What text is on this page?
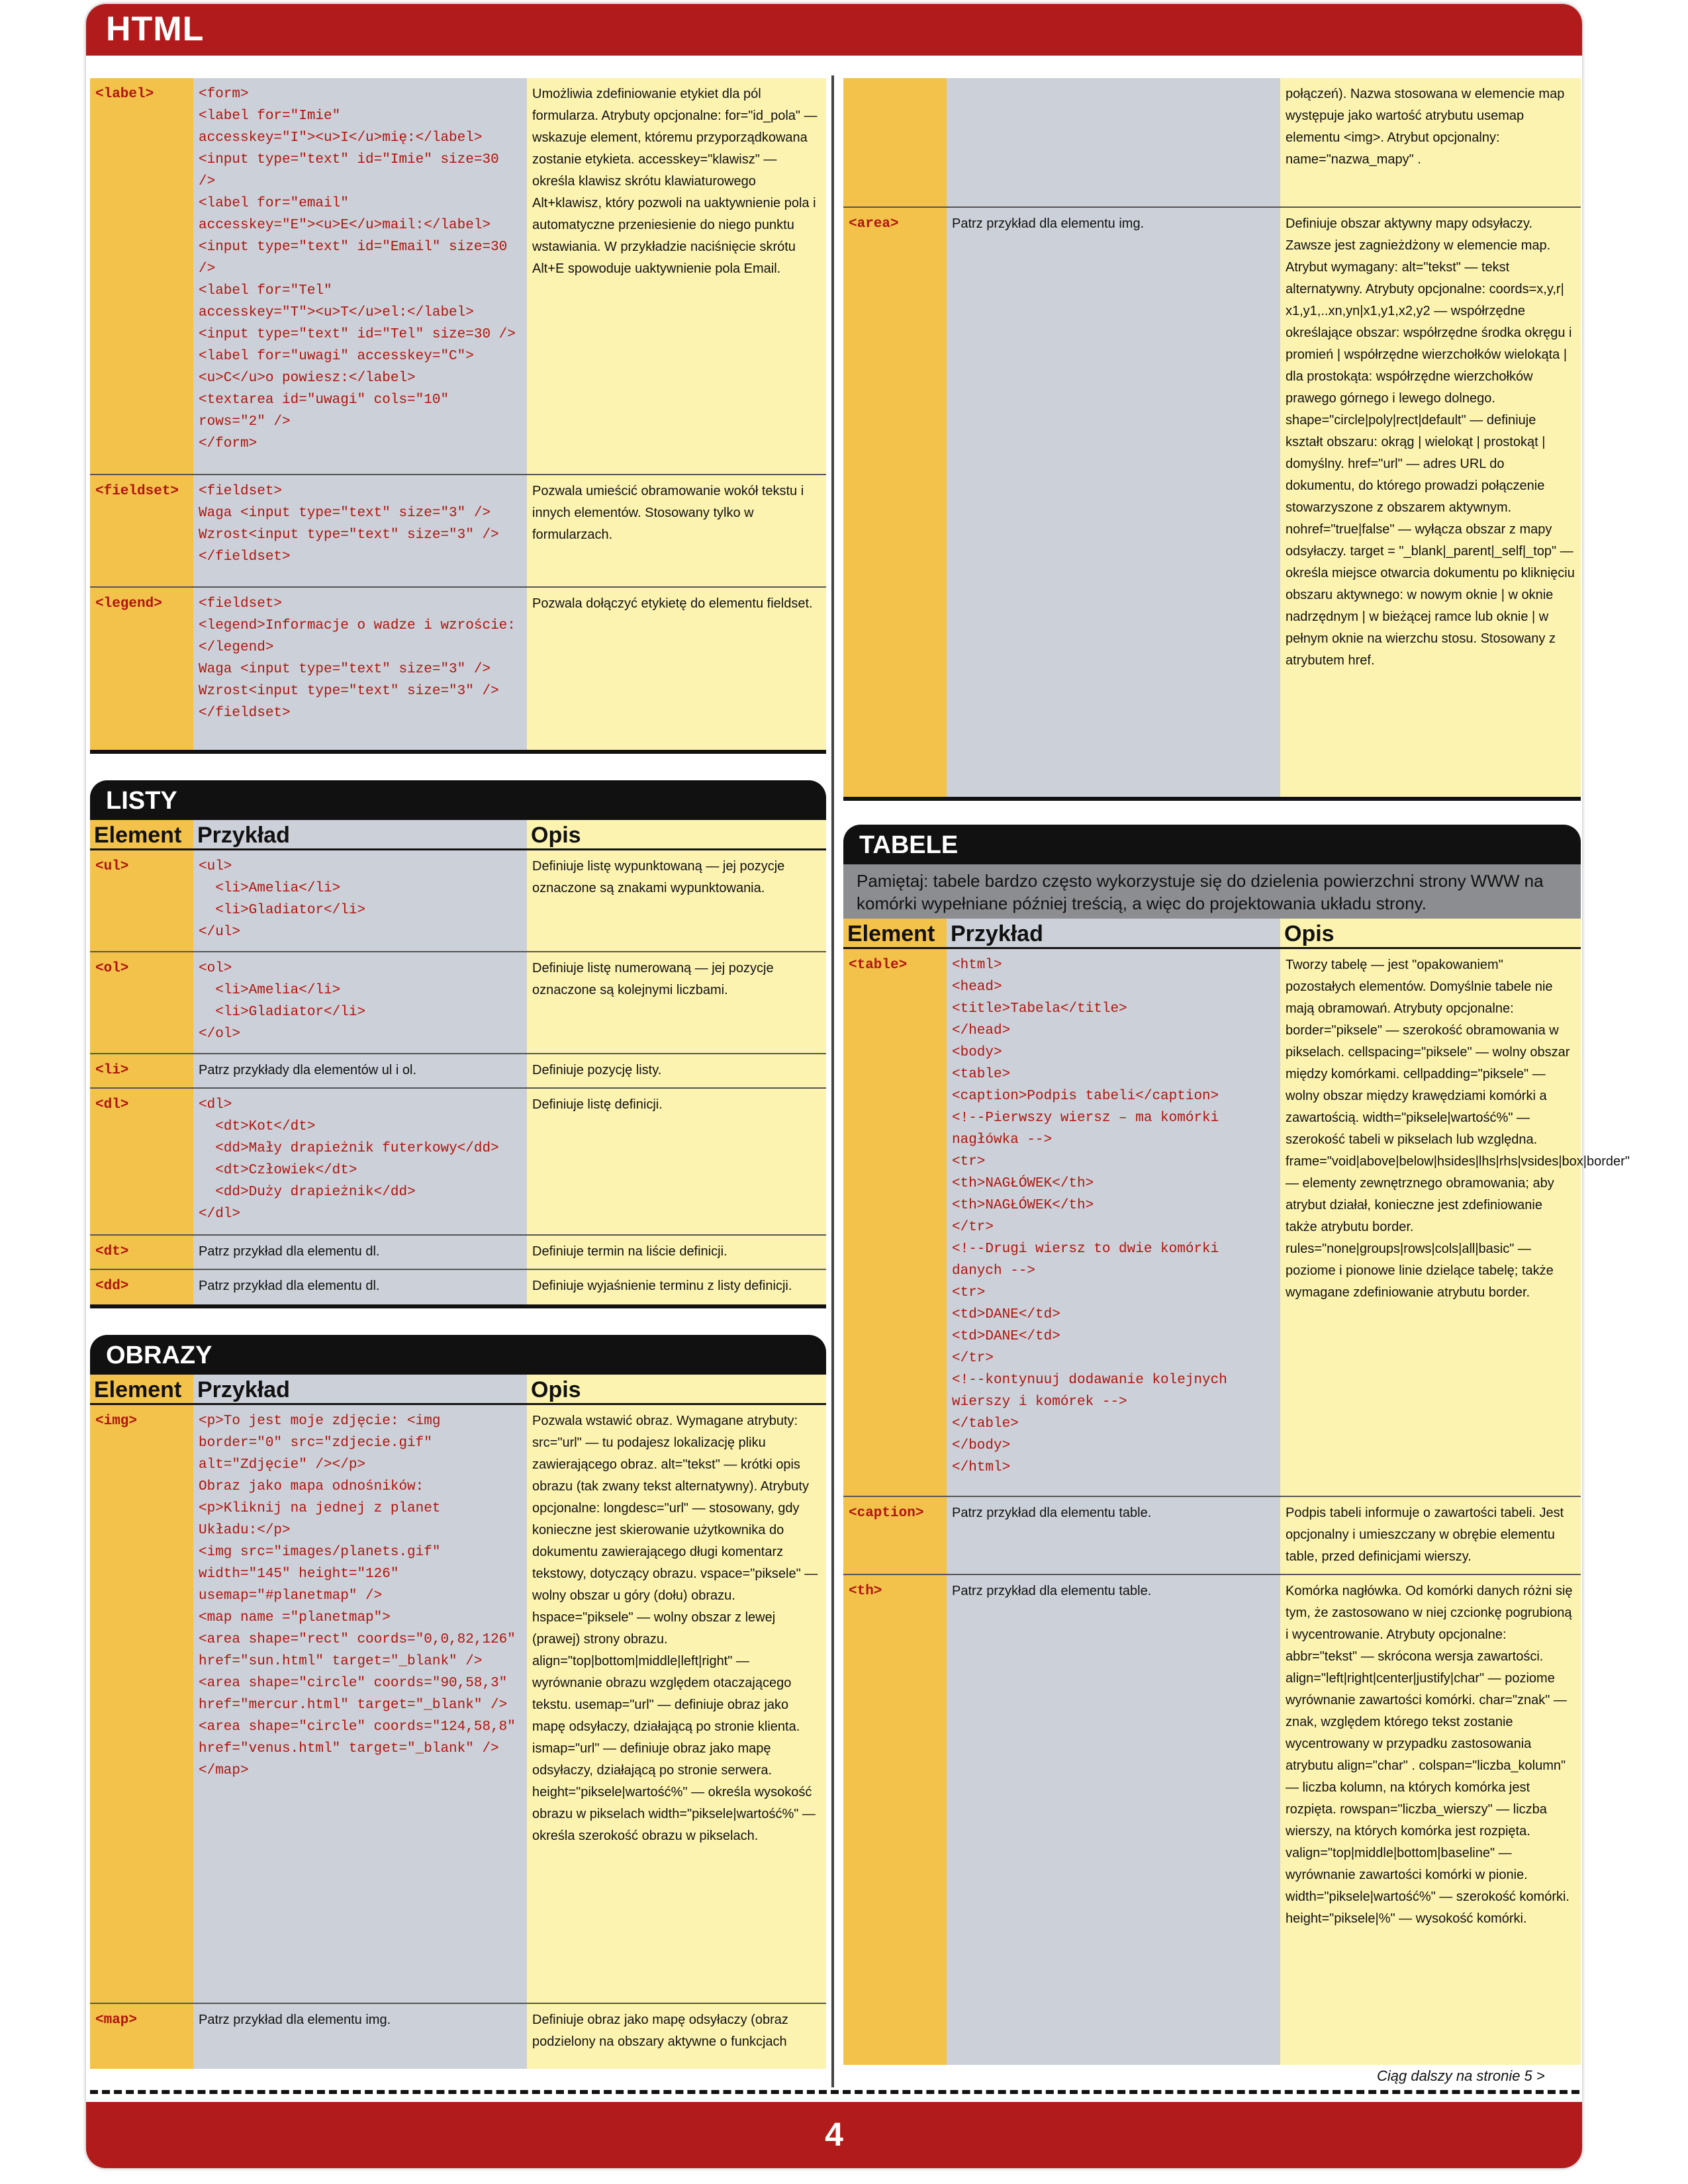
HTML
<label>	<form>
<label for="Imie"
accesskey="I"><u>I</u>mię:</label>
<input type="text" id="Imie" size=30 />
<label for="email"
accesskey="E"><u>E</u>mail:</label>
<input type="text" id="Email" size=30 />
<label for="Tel"
accesskey="T"><u>T</u>el:</label>
<input type="text" id="Tel" size=30 />
<label for="uwagi" accesskey="C">
<u>C</u>o powiesz:</label>
<textarea id="uwagi" cols="10"
rows="2" />
</form>
Umożliwia zdefiniowanie etykiet dla pól formularza. Atrybuty opcjonalne: for="id_pola" — wskazuje element, któremu przyporządkowana zostanie etykieta. accesskey="klawisz" — określa klawisz skrótu klawiaturowego Alt+klawisz, który pozwoli na uaktywnienie pola i automatyczne przeniesienie do niego punktu wstawiania. W przykładzie naciśnięcie skrótu Alt+E spowoduje uaktywnienie pola Email.
<fieldset>	<fieldset>
Waga <input type="text" size="3" />
Wzrost<input type="text" size="3" />
</fieldset>
Pozwala umieścić obramowanie wokół tekstu i innych elementów. Stosowany tylko w formularzach.
<legend>	<fieldset>
<legend>Informacje o wadze i wzroście:
</legend>
Waga <input type="text" size="3" />
Wzrost<input type="text" size="3" />
</fieldset>
Pozwala dołączyć etykietę do elementu fieldset.
LISTY
Element Przykład	Opis
<ul>	<ul>
<li>Amelia</li>
<li>Gladiator</li>
</ul>
Definiuje listę wypunktowaną — jej pozycje oznaczone są znakami wypunktowania.
<ol>	<ol>
<li>Amelia</li>
<li>Gladiator</li>
</ol>
Definiuje listę numerowaną — jej pozycje oznaczone są kolejnymi liczbami.
<li>	Patrz przykłady dla elementów ul i ol.	Definiuje pozycję listy.
<dl>	<dl>
<dt>Kot</dt>
<dd>Mały drapieżnik futerkowy</dd>
<dt>Człowiek</dt>
<dd>Duży drapieżnik</dd>
</dl>
Definiuje listę definicji.
<dt>	Patrz przykład dla elementu dl.	Definiuje termin na liście definicji.
<dd>	Patrz przykład dla elementu dl.	Definiuje wyjaśnienie terminu z listy definicji.
OBRAZY
Element Przykład	Opis
<img>	<p>To jest moje zdjęcie: <img
border="0" src="zdjecie.gif"
alt="Zdjęcie" /></p>
Obraz jako mapa odnośników:
<p>Kliknij na jednej z planet
Układu:</p>
<img src="images/planets.gif"
width="145" height="126"
usemap="#planetmap" />
<map name ="planetmap">
<area shape="rect" coords="0,0,82,126"
href="sun.html" target="_blank" />
<area shape="circle" coords="90,58,3"
href="mercur.html" target="_blank" />
<area shape="circle" coords="124,58,8"
href="venus.html" target="_blank" />
</map>
Pozwala wstawić obraz. Wymagane atrybuty: src="url" — tu podajesz lokalizację pliku zawierającego obraz. alt="tekst" — krótki opis obrazu (tak zwany tekst alternatywny). Atrybuty opcjonalne: longdesc="url" — stosowany, gdy konieczne jest skierowanie użytkownika do dokumentu zawierającego długi komentarz tekstowy, dotyczący obrazu. vspace="piksele" — wolny obszar u góry (dołu) obrazu. hspace="piksele" — wolny obszar z lewej (prawej) strony obrazu. align="top|bottom|middle|left|right" — wyrównanie obrazu względem otaczającego tekstu. usemap="url" — definiuje obraz jako mapę odsyłaczy, działającą po stronie klienta. ismap="url" — definiuje obraz jako mapę odsyłaczy, działającą po stronie serwera. height="piksele|wartość%" — określa wysokość obrazu w pikselach width="piksele|wartość%" — określa szerokość obrazu w pikselach.
<map>	Patrz przykład dla elementu img.	Definiuje obraz jako mapę odsyłaczy (obraz podzielony na obszary aktywne o funkcjach
połączeń). Nazwa stosowana w elemencie map występuje jako wartość atrybutu usemap elementu <img>. Atrybut opcjonalny: name="nazwa_mapy" .
<area>	Patrz przykład dla elementu img.	Definiuje obszar aktywny mapy odsyłaczy. Zawsze jest zagnieżdżony w elemencie map. Atrybut wymagany: alt="tekst" — tekst alternatywny. Atrybuty opcjonalne: coords=x,y,r| x1,y1,..xn,yn|x1,y1,x2,y2 — współrzędne określające obszar: współrzędne środka okręgu i promień | współrzędne wierzchołków wielokąta | dla prostokąta: współrzędne wierzchołków prawego górnego i lewego dolnego. shape="circle|poly|rect|default" — definiuje kształt obszaru: okrąg | wielokąt | prostokąt | domyślny. href="url" — adres URL do dokumentu, do którego prowadzi połączenie stowarzyszone z obszarem aktywnym. nohref="true|false" — wyłącza obszar z mapy odsyłaczy. target = "_blank|_parent|_self|_top" — określa miejsce otwarcia dokumentu po kliknięciu obszaru aktywnego: w nowym oknie | w oknie nadrzędnym | w bieżącej ramce lub oknie | w pełnym oknie na wierzchu stosu. Stosowany z atrybutem href.
TABELE
Pamiętaj: tabele bardzo często wykorzystuje się do dzielenia powierzchni strony WWW na komórki wypełniane później treścią, a więc do projektowania układu strony.
Element Przykład	Opis
<table>	<html>
<head>
<title>Tabela</title>
</head>
<body>
<table>
<caption>Podpis tabeli</caption>
<!--Pierwszy wiersz – ma komórki
nagłówka -->
<tr>
<th>NAGŁÓWEK</th>
<th>NAGŁÓWEK</th>
</tr>
<!--Drugi wiersz to dwie komórki
danych -->
<tr>
<td>DANE</td>
<td>DANE</td>
</tr>
<!--kontynuuj dodawanie kolejnych
wierszy i komórek -->
</table>
</body>
</html>
Tworzy tabelę — jest "opakowaniem" pozostałych elementów. Domyślnie tabele nie mają obramowań. Atrybuty opcjonalne: border="piksele" — szerokość obramowania w pikselach. cellspacing="piksele" — wolny obszar między komórkami. cellpadding="piksele" — wolny obszar między krawędziami komórki a zawartością. width="piksele|wartość%" — szerokość tabeli w pikselach lub względna. frame="void|above|below|hsides|lhs|rhs|vsides|box|border" — elementy zewnętrznego obramowania; aby atrybut działał, konieczne jest zdefiniowanie także atrybutu border. rules="none|groups|rows|cols|all|basic" — poziome i pionowe linie dzielące tabelę; także wymagane zdefiniowanie atrybutu border.
<caption>	Patrz przykład dla elementu table.	Podpis tabeli informuje o zawartości tabeli. Jest opcjonalny i umieszczany w obrębie elementu table, przed definicjami wierszy.
<th>	Patrz przykład dla elementu table.	Komórka nagłówka. Od komórki danych różni się tym, że zastosowano w niej czcionkę pogrubioną i wycentrowanie. Atrybuty opcjonalne: abbr="tekst" — skrócona wersja zawartości. align="left|right|center|justify|char" — poziome wyrównanie zawartości komórki. char="znak" — znak, względem którego tekst zostanie wycentrowany w przypadku zastosowania atrybutu align="char" . colspan="liczba_kolumn" — liczba kolumn, na których komórka jest rozpięta. rowspan="liczba_wierszy" — liczba wierszy, na których komórka jest rozpięta. valign="top|middle|bottom|baseline" — wyrównanie zawartości komórki w pionie. width="piksele|wartość%" — szerokość komórki. height="piksele|%" — wysokość komórki.
4
Ciąg dalszy na stronie 5 >
